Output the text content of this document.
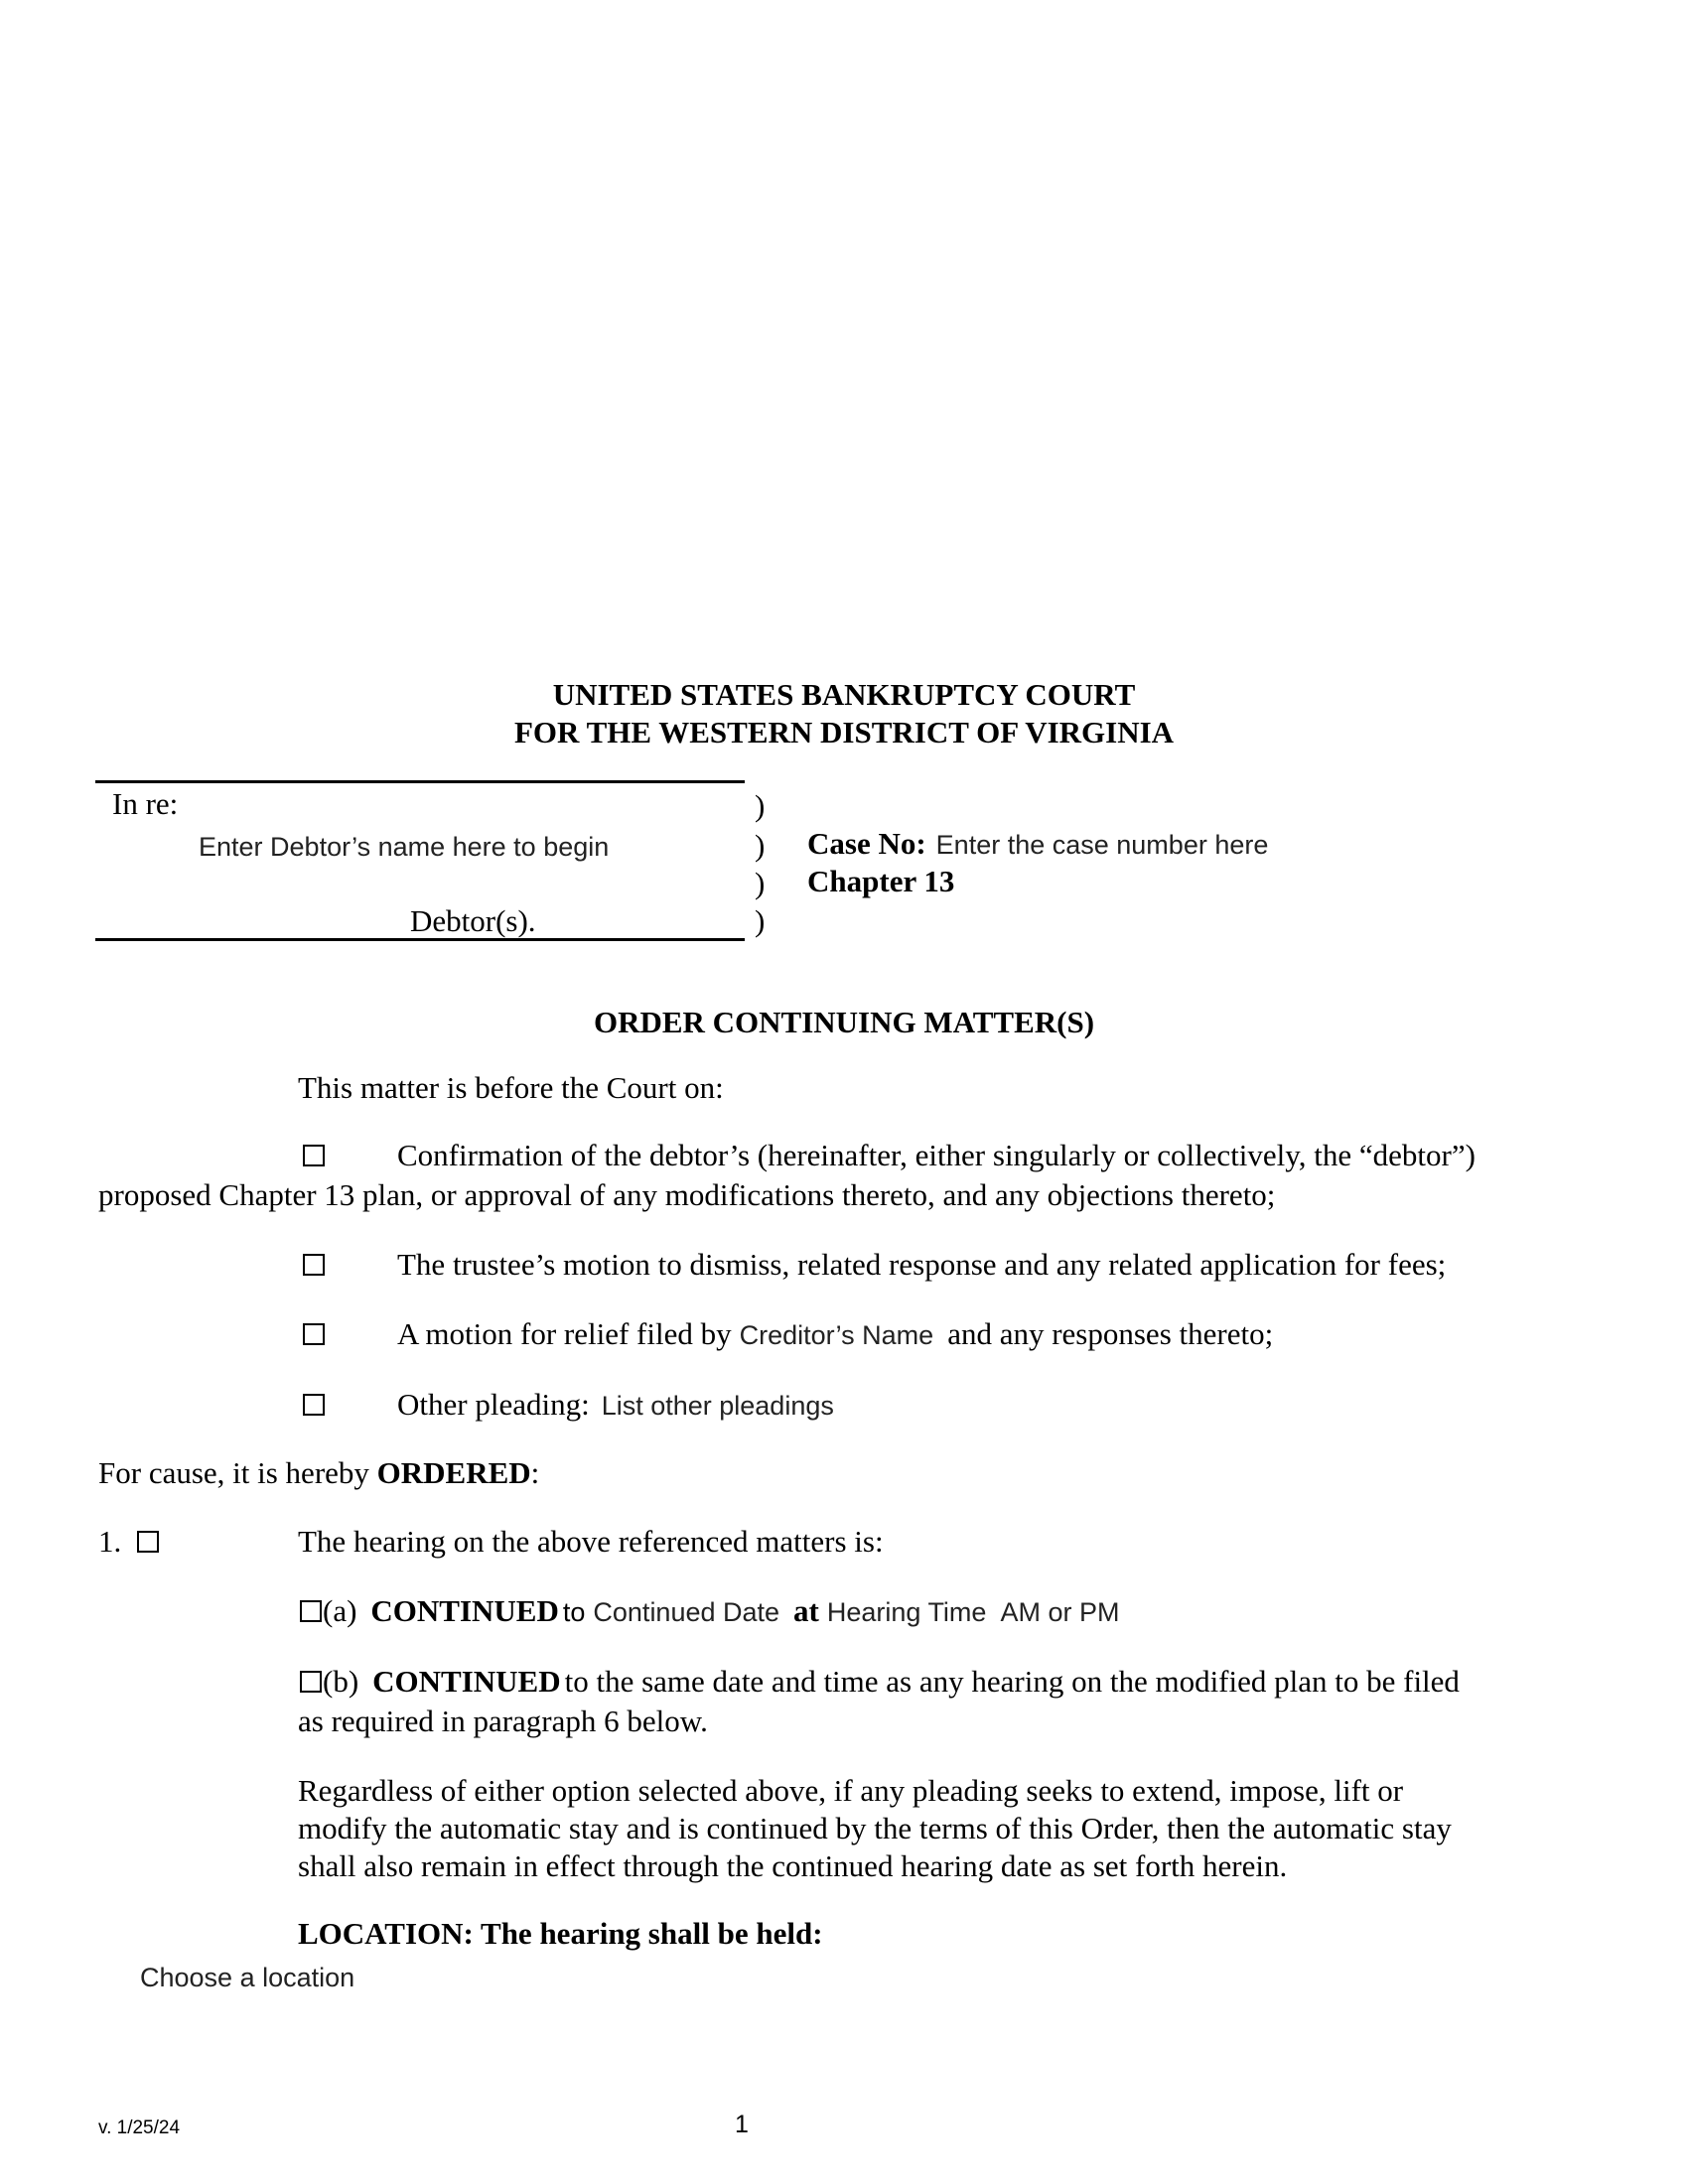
UNITED STATES BANKRUPTCY COURT
FOR THE WESTERN DISTRICT OF VIRGINIA
In re:
Enter Debtor’s name here to begin
Debtor(s).
)
)
)
)
Case No: Enter the case number here
Chapter 13
ORDER CONTINUING MATTER(S)
This matter is before the Court on:
Confirmation of the debtor’s (hereinafter, either singularly or collectively, the “debtor”)
proposed Chapter 13 plan, or approval of any modifications thereto, and any objections thereto;
The trustee’s motion to dismiss, related response and any related application for fees;
A motion for relief filed by Creditor’s Name and any responses thereto;
Other pleading: List other pleadings
For cause, it is hereby ORDERED:
1.	The hearing on the above referenced matters is:
(a) CONTINUED to Continued Date at Hearing Time AM or PM
(b) CONTINUED to the same date and time as any hearing on the modified plan to be filed
as required in paragraph 6 below.
Regardless of either option selected above, if any pleading seeks to extend, impose, lift or
modify the automatic stay and is continued by the terms of this Order, then the automatic stay
shall also remain in effect through the continued hearing date as set forth herein.
LOCATION: The hearing shall be held:
Choose a location
v. 1/25/24	1
